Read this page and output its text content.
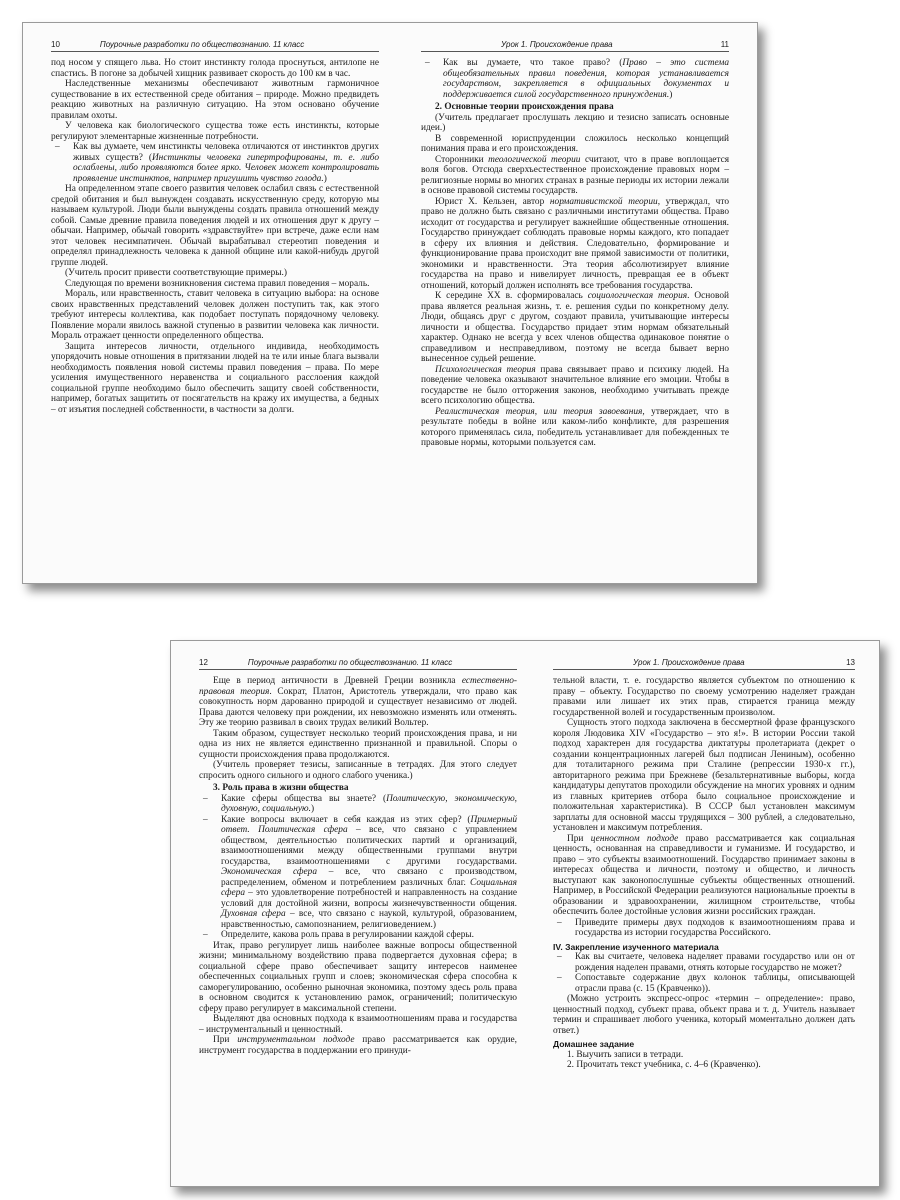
10	Поурочные разработки по обществознанию. 11 класс

под носом у спящего льва. Но стоит инстинкту голода проснуться, антилопе не спастись. В погоне за добычей хищник развивает скорость до 100 км в час.

Наследственные механизмы обеспечивают животным гармоничное существование в их естественной среде обитания – природе. Можно предвидеть реакцию животных на различную ситуацию. На этом основано обучение правилам охоты.

У человека как биологического существа тоже есть инстинкты, которые регулируют элементарные жизненные потребности.

– Как вы думаете, чем инстинкты человека отличаются от инстинктов других живых существ? (Инстинкты человека гипертрофированы, т. е. либо ослаблены, либо проявляются более ярко. Человек может контролировать проявление инстинктов, например пригушить чувство голода.)

На определенном этапе своего развития человек ослабил связь с естественной средой обитания и был вынужден создавать искусственную среду, которую мы называем культурой. Люди были вынуждены создать правила отношений между собой. Самые древние правила поведения людей и их отношения друг к другу – обычаи. Например, обычай говорить «здравствуйте» при встрече, даже если нам этот человек несимпатичен. Обычай вырабатывал стереотип поведения и определял принадлежность человека к данной общине или какой-нибудь другой группе людей.

(Учитель просит привести соответствующие примеры.)

Следующая по времени возникновения система правил поведения – мораль.

Мораль, или нравственность, ставит человека в ситуацию выбора: на основе своих нравственных представлений человек должен поступить так, как этого требуют интересы коллектива, как подобает поступать порядочному человеку. Появление морали явилось важной ступенью в развитии человека как личности. Мораль отражает ценности определенного общества.

Защита интересов личности, отдельного индивида, необходимость упорядочить новые отношения в притязании людей на те или иные блага вызвали необходимость появления новой системы правил поведения – права. По мере усиления имущественного неравенства и социального расслоения каждой социальной группе необходимо было обеспечить защиту своей собственности, например, богатых защитить от посягательств на кражу их имущества, а бедных – от изъятия последней собственности, в частности за долги.

Урок 1. Происхождение права	11

– Как вы думаете, что такое право? (Право – это система общеобязательных правил поведения, которая устанавливается государством, закрепляется в официальных документах и поддерживается силой государственного принуждения.)

2. Основные теории происхождения права

(Учитель предлагает прослушать лекцию и тезисно записать основные идеи.)

В современной юриспруденции сложилось несколько концепций понимания права и его происхождения.

Сторонники теологической теории считают, что в праве воплощается воля богов. Отсюда сверхъестественное происхождение правовых норм – религиозные нормы во многих странах в разные периоды их истории лежали в основе правовой системы государств.

Юрист Х. Кельзен, автор нормативистской теории, утверждал, что право не должно быть связано с различными институтами общества. Право исходит от государства и регулирует важнейшие общественные отношения. Государство принуждает соблюдать правовые нормы каждого, кто попадает в сферу их влияния и действия. Следовательно, формирование и функционирование права происходит вне прямой зависимости от политики, экономики и нравственности. Эта теория абсолютизирует влияние государства на право и нивелирует личность, превращая ее в объект отношений, который должен исполнять все требования государства.

К середине XX в. сформировалась социологическая теория. Основой права является реальная жизнь, т. е. решения судьи по конкретному делу. Люди, общаясь друг с другом, создают правила, учитывающие интересы личности и общества. Государство придает этим нормам обязательный характер. Однако не всегда у всех членов общества одинаковое понятие о справедливом и несправедливом, поэтому не всегда бывает верно вынесенное судьей решение.

Психологическая теория права связывает право и психику людей. На поведение человека оказывают значительное влияние его эмоции. Чтобы в государстве не было отторжения законов, необходимо учитывать прежде всего психологию общества.

Реалистическая теория, или теория завоевания, утверждает, что в результате победы в войне или каком-либо конфликте, для разрешения которого применялась сила, победитель устанавливает для побежденных те правовые нормы, которыми пользуется сам.

12	Поурочные разработки по обществознанию. 11 класс

Еще в период античности в Древней Греции возникла естественно-правовая теория. Сократ, Платон, Аристотель утверждали, что право как совокупность норм дарованно природой и существует независимо от людей. Права даются человеку при рождении, их невозможно изменять или отменять. Эту же теорию развивал в своих трудах великий Вольтер.

Таким образом, существует несколько теорий происхождения права, и ни одна из них не является единственно признанной и правильной. Споры о сущности происхождения права продолжаются.

(Учитель проверяет тезисы, записанные в тетрадях. Для этого следует спросить одного сильного и одного слабого ученика.)

3. Роль права в жизни общества

– Какие сферы общества вы знаете? (Политическую, экономическую, духовную, социальную.)

– Какие вопросы включает в себя каждая из этих сфер? (Примерный ответ. Политическая сфера – все, что связано с управлением обществом, деятельностью политических партий и организаций, взаимоотношениями между общественными группами внутри государства, взаимоотношениями с другими государствами. Экономическая сфера – все, что связано с производством, распределением, обменом и потреблением различных благ. Социальная сфера – это удовлетворение потребностей и направленность на создание условий для достойной жизни, вопросы жизнечувственности общения. Духовная сфера – все, что связано с наукой, культурой, образованием, нравственностью, самопознанием, религиоведением.)

– Определите, какова роль права в регулировании каждой сферы.

Итак, право регулирует лишь наиболее важные вопросы общественной жизни; минимальному воздействию права подвергается духовная сфера; в социальной сфере право обеспечивает защиту интересов наименее обеспеченных социальных групп и слоев; экономическая сфера способна к саморегулированию, особенно рыночная экономика, поэтому здесь роль права в основном сводится к установлению рамок, ограничений; политическую сферу право регулирует в максимальной степени.

Выделяют два основных подхода к взаимоотношениям права и государства – инструментальный и ценностный.

При инструментальном подходе право рассматривается как орудие, инструмент государства в поддержании его принуди-

Урок 1. Происхождение права	13

тельной власти, т. е. государство является субъектом по отношению к праву – объекту. Государство по своему усмотрению наделяет граждан правами или лишает их этих прав, стирается граница между государственной волей и государственным произволом.

Сущность этого подхода заключена в бессмертной фразе французского короля Людовика XIV «Государство – это я!». В истории России такой подход характерен для государства диктатуры пролетариата (декрет о создании концентрационных лагерей был подписан Лениным), особенно для тоталитарного режима при Сталине (репрессии 1930-х гг.), авторитарного режима при Брежневе (безальтернативные выборы, когда кандидатуры депутатов проходили обсуждение на многих уровнях и одним из главных критериев отбора было социальное происхождение и положительная характеристика). В СССР был установлен максимум зарплаты для основной массы трудящихся – 300 рублей, а следовательно, установлен и максимум потребления.

При ценностном подходе право рассматривается как социальная ценность, основанная на справедливости и гуманизме. И государство, и право – это субъекты взаимоотношений. Государство принимает законы в интересах общества и личности, поэтому и общество, и личность выступают как законопослушные субъекты общественных отношений. Например, в Российской Федерации реализуются национальные проекты в образовании и здравоохранении, жилищном строительстве, чтобы обеспечить более достойные условия жизни российских граждан.

– Приведите примеры двух подходов к взаимоотношениям права и государства из истории государства Российского.

IV. Закрепление изученного материала

– Как вы считаете, человека наделяет правами государство или он от рождения наделен правами, отнять которые государство не может?

– Сопоставьте содержание двух колонок таблицы, описывающей отрасли права (с. 15 (Кравченко)).

(Можно устроить экспресс-опрос «термин – определение»: право, ценностный подход, субъект права, объект права и т. д. Учитель называет термин и спрашивает любого ученика, который моментально должен дать ответ.)

Домашнее задание

1. Выучить записи в тетради.

2. Прочитать текст учебника, с. 4–6 (Кравченко).
